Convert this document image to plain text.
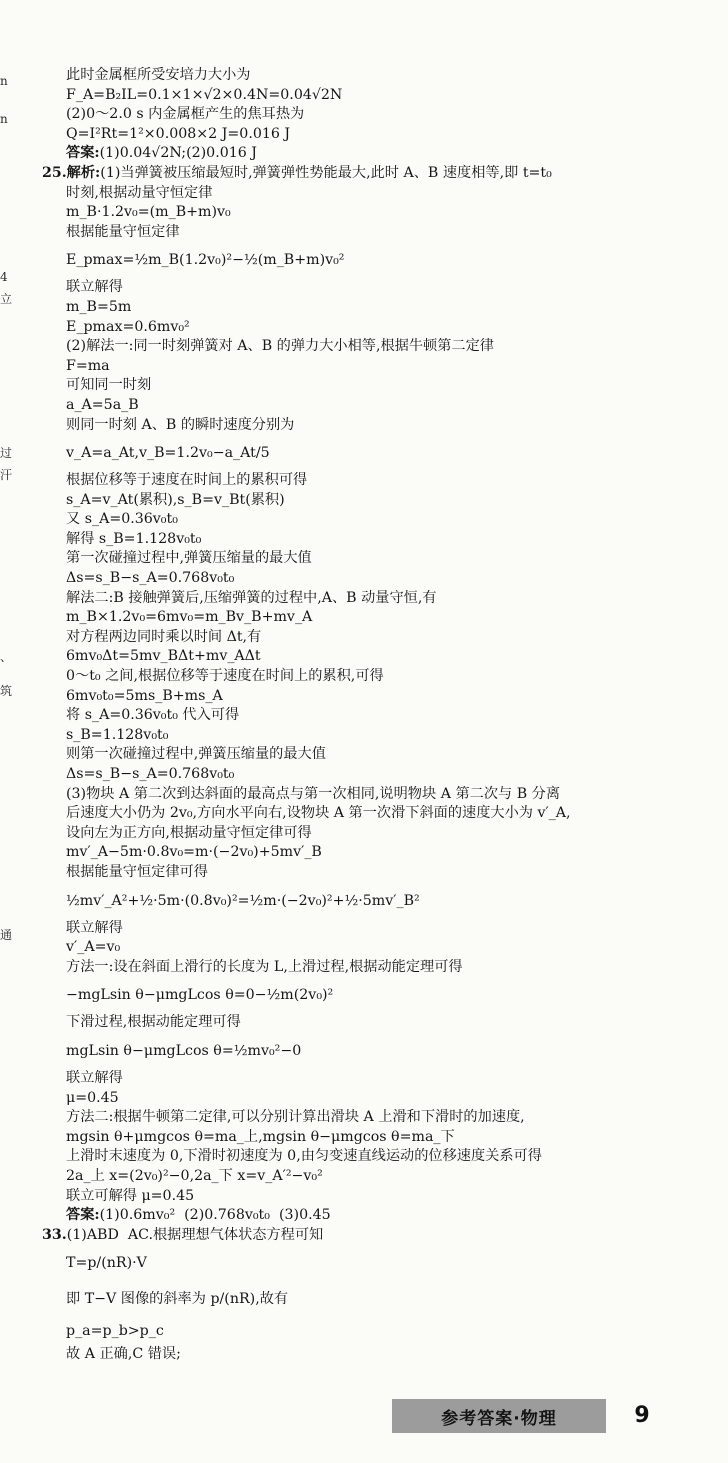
n
n
4
立
过
汗
、
筑
通
此时金属框所受安培力大小为
F_A=B₂IL=0.1×1×√2×0.4N=0.04√2N
(2)0～2.0 s 内金属框产生的焦耳热为
Q=I²Rt=1²×0.008×2 J=0.016 J
答案:(1)0.04√2N;(2)0.016 J
25.解析:(1)当弹簧被压缩最短时,弹簧弹性势能最大,此时 A、B 速度相等,即 t=t₀
时刻,根据动量守恒定律
m_B·1.2v₀=(m_B+m)v₀
根据能量守恒定律
E_pmax=½m_B(1.2v₀)²−½(m_B+m)v₀²
联立解得
m_B=5m
E_pmax=0.6mv₀²
(2)解法一:同一时刻弹簧对 A、B 的弹力大小相等,根据牛顿第二定律
F=ma
可知同一时刻
a_A=5a_B
则同一时刻 A、B 的瞬时速度分别为
v_A=a_At,v_B=1.2v₀−a_At/5
根据位移等于速度在时间上的累积可得
s_A=v_At(累积),s_B=v_Bt(累积)
又 s_A=0.36v₀t₀
解得 s_B=1.128v₀t₀
第一次碰撞过程中,弹簧压缩量的最大值
Δs=s_B−s_A=0.768v₀t₀
解法二:B 接触弹簧后,压缩弹簧的过程中,A、B 动量守恒,有
m_B×1.2v₀=6mv₀=m_Bv_B+mv_A
对方程两边同时乘以时间 Δt,有
6mv₀Δt=5mv_BΔt+mv_AΔt
0～t₀ 之间,根据位移等于速度在时间上的累积,可得
6mv₀t₀=5ms_B+ms_A
将 s_A=0.36v₀t₀ 代入可得
s_B=1.128v₀t₀
则第一次碰撞过程中,弹簧压缩量的最大值
Δs=s_B−s_A=0.768v₀t₀
(3)物块 A 第二次到达斜面的最高点与第一次相同,说明物块 A 第二次与 B 分离
后速度大小仍为 2v₀,方向水平向右,设物块 A 第一次滑下斜面的速度大小为 v′_A,
设向左为正方向,根据动量守恒定律可得
mv′_A−5m·0.8v₀=m·(−2v₀)+5mv′_B
根据能量守恒定律可得
½mv′_A²+½·5m·(0.8v₀)²=½m·(−2v₀)²+½·5mv′_B²
联立解得
v′_A=v₀
方法一:设在斜面上滑行的长度为 L,上滑过程,根据动能定理可得
−mgLsin θ−μmgLcos θ=0−½m(2v₀)²
下滑过程,根据动能定理可得
mgLsin θ−μmgLcos θ=½mv₀²−0
联立解得
μ=0.45
方法二:根据牛顿第二定律,可以分别计算出滑块 A 上滑和下滑时的加速度,
mgsin θ+μmgcos θ=ma_上,mgsin θ−μmgcos θ=ma_下
上滑时末速度为 0,下滑时初速度为 0,由匀变速直线运动的位移速度关系可得
2a_上 x=(2v₀)²−0,2a_下 x=v_A′²−v₀²
联立可解得 μ=0.45
答案:(1)0.6mv₀²  (2)0.768v₀t₀  (3)0.45
33.(1)ABD  AC.根据理想气体状态方程可知
T=p/(nR)·V
即 T−V 图像的斜率为 p/(nR),故有
p_a=p_b>p_c
故 A 正确,C 错误;
参考答案·物理	9
